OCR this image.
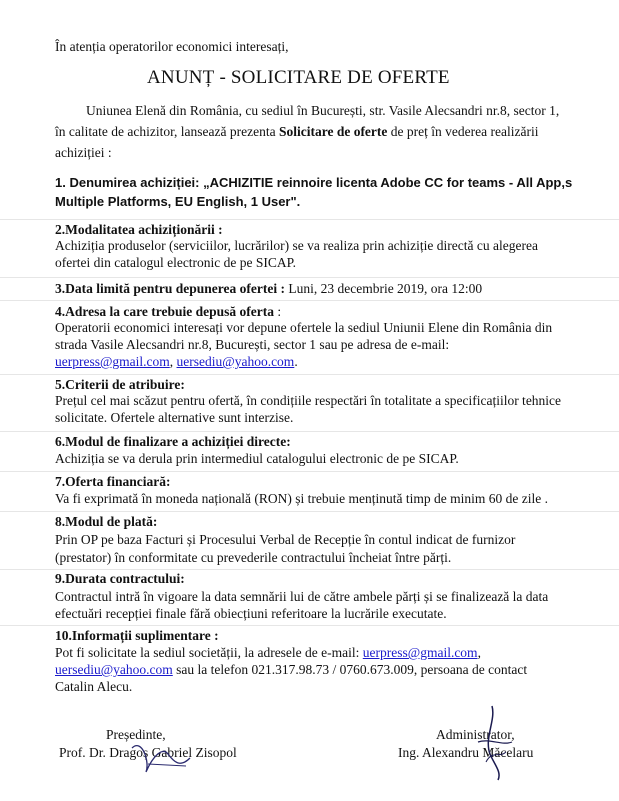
În atenția operatorilor economici interesați,
ANUNȚ - SOLICITARE DE OFERTE
Uniunea Elenă din România, cu sediul în București, str. Vasile Alecsandri nr.8, sector 1,
în calitate de achizitor, lansează prezenta Solicitare de oferte de preț în vederea realizării
achiziției :
1. Denumirea achiziției: „ACHIZITIE reinnoire licenta Adobe CC for teams - All App,s
Multiple Platforms, EU English, 1 User".
2.Modalitatea achiziționării :
Achiziția produselor (serviciilor, lucrărilor) se va realiza prin achiziție directă cu alegerea
ofertei din catalogul electronic de pe SICAP.
3.Data limită pentru depunerea ofertei : Luni, 23 decembrie 2019, ora 12:00
4.Adresa la care trebuie depusă oferta :
Operatorii economici interesați vor depune ofertele la sediul Uniunii Elene din România din
strada Vasile Alecsandri nr.8, București, sector 1 sau pe adresa de e-mail:
uerpress@gmail.com, uersediu@yahoo.com.
5.Criterii de atribuire:
Prețul cel mai scăzut pentru ofertă, în condițiile respectări în totalitate a specificațiilor tehnice
solicitate. Ofertele alternative sunt interzise.
6.Modul de finalizare a achiziției directe:
Achiziția se va derula prin intermediul catalogului electronic de pe SICAP.
7.Oferta financiară:
Va fi exprimată în moneda națională (RON) și trebuie menținută timp de minim 60 de zile .
8.Modul de plată:
Prin OP pe baza Facturi și Procesului Verbal de Recepție în contul indicat de furnizor
(prestator) în conformitate cu prevederile contractului încheiat între părți.
9.Durata contractului:
Contractul intră în vigoare la data semnării lui de către ambele părți și se finalizează la data
efectuări recepției finale fără obiecțiuni referitoare la lucrările executate.
10.Informații suplimentare :
Pot fi solicitate la sediul societății, la adresele de e-mail: uerpress@gmail.com,
uersediu@yahoo.com sau la telefon 021.317.98.73 / 0760.673.009, persoana de contact
Catalin Alecu.
Președinte,
Prof. Dr. Dragoș Gabriel Zisopol
Administrator,
Ing. Alexandru Măcelaru
